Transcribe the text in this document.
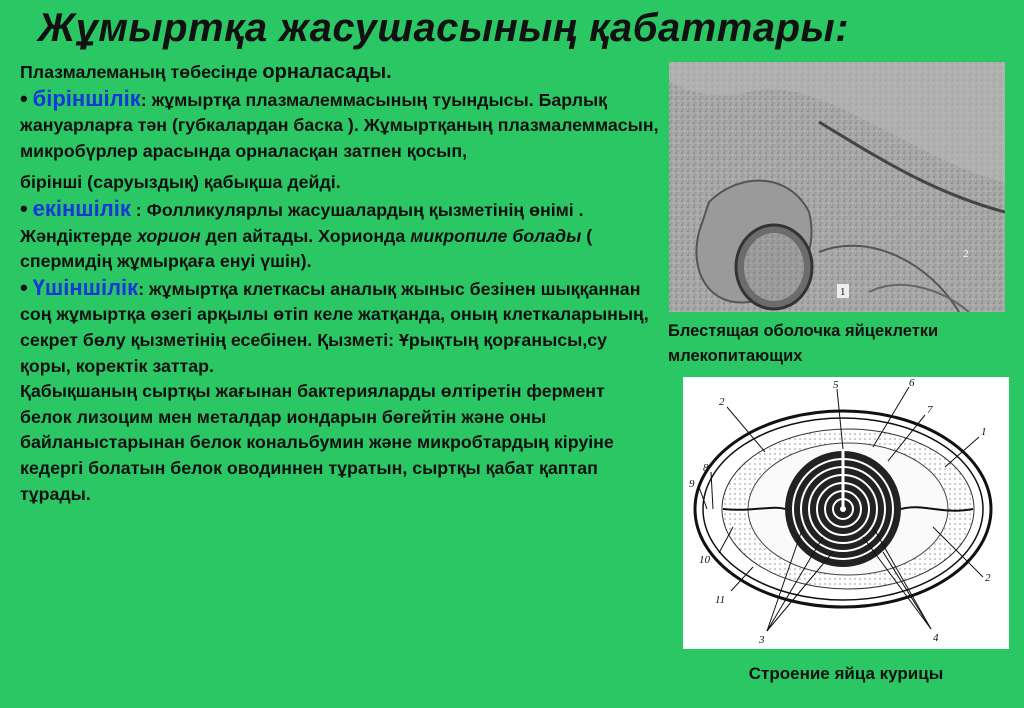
Жұмыртқа жасушасының қабаттары:

Плазмалеманың төбесінде орналасады.

• біріншілік: жұмыртқа плазмалеммасының туындысы. Барлық жануарларға тән (губкалардан баска ). Жұмыртқаның плазмалеммасын, микробүрлер арасында орналасқан затпен қосып,

бірінші (саруыздық) қабықша дейді.

• екіншілік : Фолликулярлы жасушалардың қызметінің өнімі . Жәндіктерде хорион деп айтады. Хорионда микропиле болады ( спермидің жұмырқаға енуі үшін).

• Үшіншілік: жұмыртқа клеткасы аналық жыныс безінен шыққаннан соң жұмыртқа өзегі арқылы өтіп келе жатқанда, оның клеткаларының, секрет бөлу қызметінің есебінен. Қызметі: Ұрықтың қорғанысы,су қоры, коректік заттар.

Қабықшаның сыртқы жағынан бактерияларды өлтіретін фермент белок лизоцим мен металдар иондарын бөгейтін және оны байланыстарынан белок кональбумин және микробтардың кіруіне кедергі болатын белок оводиннен тұратын, сыртқы қабат қаптап тұрады.

1
2
Блестящая оболочка яйцеклетки млекопитающих
1
2
3	4
5	6
7
8
9
10
11
2
Строение яйца курицы
